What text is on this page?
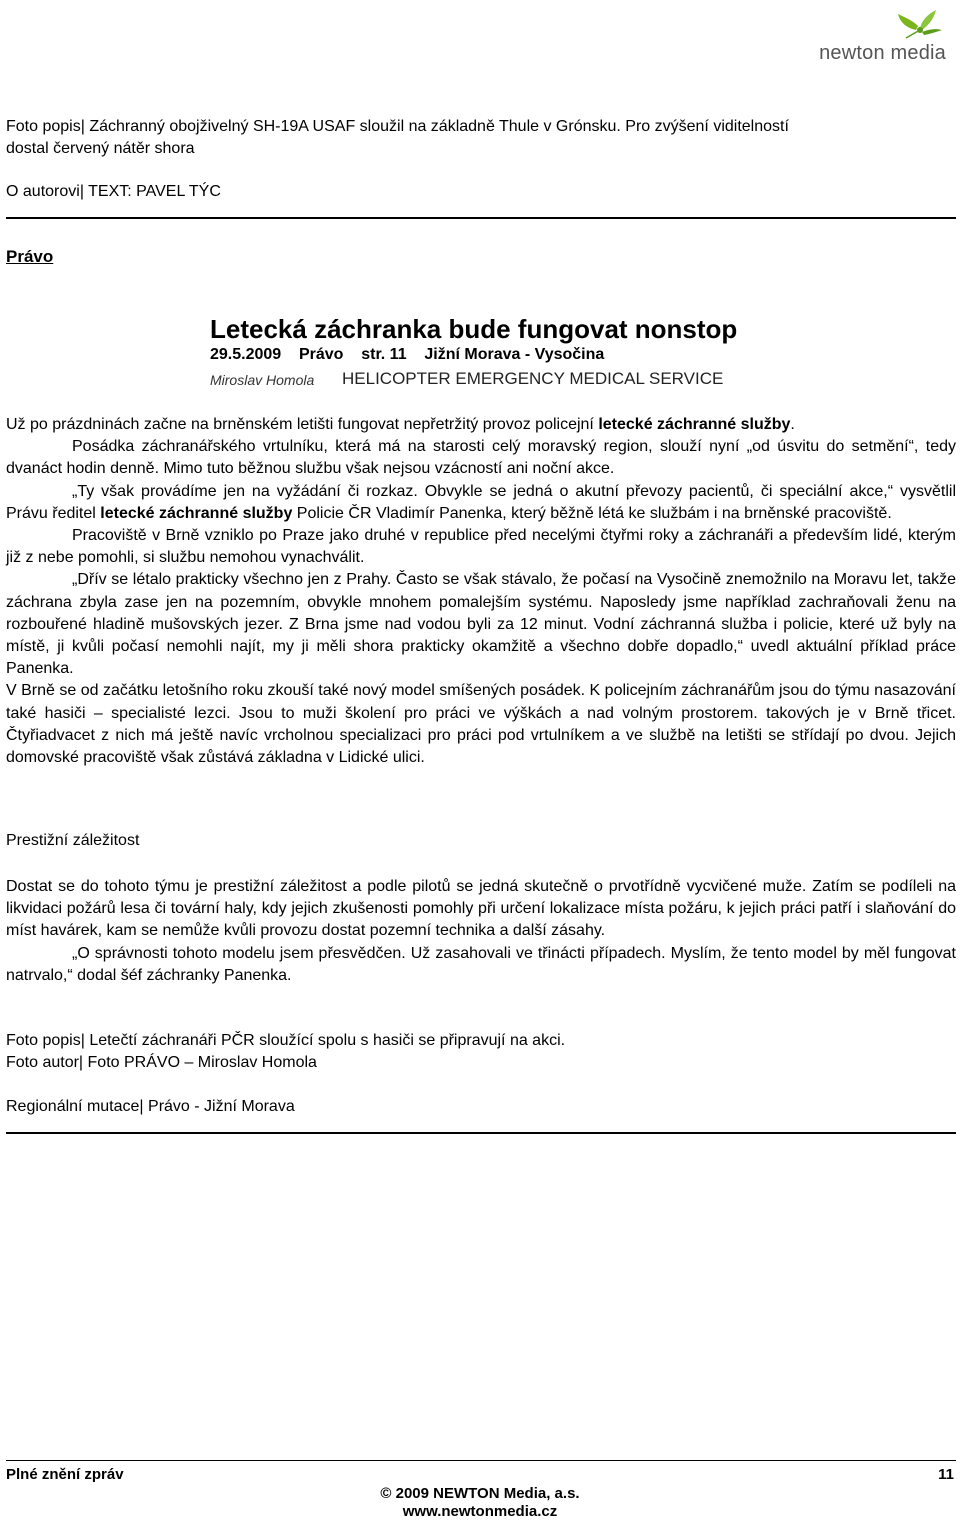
newton media
Foto popis| Záchranný obojživelný SH-19A USAF sloužil na základně Thule v Grónsku. Pro zvýšení viditelností
dostal červený nátěr shora
O autorovi| TEXT: PAVEL TÝC
Právo
Letecká záchranka bude fungovat nonstop
29.5.2009 Právo str. 11 Jižní Morava - Vysočina
Miroslav Homola HELICOPTER EMERGENCY MEDICAL SERVICE

Už po prázdninách začne na brněnském letišti fungovat nepřetržitý provoz policejní letecké záchranné služby.

Posádka záchranářského vrtulníku, která má na starosti celý moravský region, slouží nyní „od úsvitu do setmění“, tedy dvanáct hodin denně. Mimo tuto běžnou službu však nejsou vzácností ani noční akce.

„Ty však provádíme jen na vyžádání či rozkaz. Obvykle se jedná o akutní převozy pacientů, či speciální akce,“ vysvětlil Právu ředitel letecké záchranné služby Policie ČR Vladimír Panenka, který běžně létá ke službám i na brněnské pracoviště.

Pracoviště v Brně vzniklo po Praze jako druhé v republice před necelými čtyřmi roky a záchranáři a především lidé, kterým již z nebe pomohli, si službu nemohou vynachválit.

„Dřív se létalo prakticky všechno jen z Prahy. Často se však stávalo, že počasí na Vysočině znemožnilo na Moravu let, takže záchrana zbyla zase jen na pozemním, obvykle mnohem pomalejším systému. Naposledy jsme například zachraňovali ženu na rozbouřené hladině mušovských jezer. Z Brna jsme nad vodou byli za 12 minut. Vodní záchranná služba i policie, které už byly na místě, ji kvůli počasí nemohli najít, my ji měli shora prakticky okamžitě a všechno dobře dopadlo,“ uvedl aktuální příklad práce Panenka.

V Brně se od začátku letošního roku zkouší také nový model smíšených posádek. K policejním záchranářům jsou do týmu nasazování také hasiči – specialisté lezci. Jsou to muži školení pro práci ve výškách a nad volným prostorem. takových je v Brně třicet. Čtyřiadvacet z nich má ještě navíc vrcholnou specializaci pro práci pod vrtulníkem a ve službě na letišti se střídají po dvou. Jejich domovské pracoviště však zůstává základna v Lidické ulici.

Prestižní záležitost

Dostat se do tohoto týmu je prestižní záležitost a podle pilotů se jedná skutečně o prvotřídně vycvičené muže. Zatím se podíleli na likvidaci požárů lesa či tovární haly, kdy jejich zkušenosti pomohly při určení lokalizace místa požáru, k jejich práci patří i slaňování do míst havárek, kam se nemůže kvůli provozu dostat pozemní technika a další zásahy.

„O správnosti tohoto modelu jsem přesvědčen. Už zasahovali ve třinácti případech. Myslím, že tento model by měl fungovat natrvalo,“ dodal šéf záchranky Panenka.

Foto popis| Letečtí záchranáři PČR sloužící spolu s hasiči se připravují na akci.
Foto autor| Foto PRÁVO – Miroslav Homola
Regionální mutace| Právo - Jižní Morava
Plné znění zpráv	11
© 2009 NEWTON Media, a.s.
www.newtonmedia.cz
